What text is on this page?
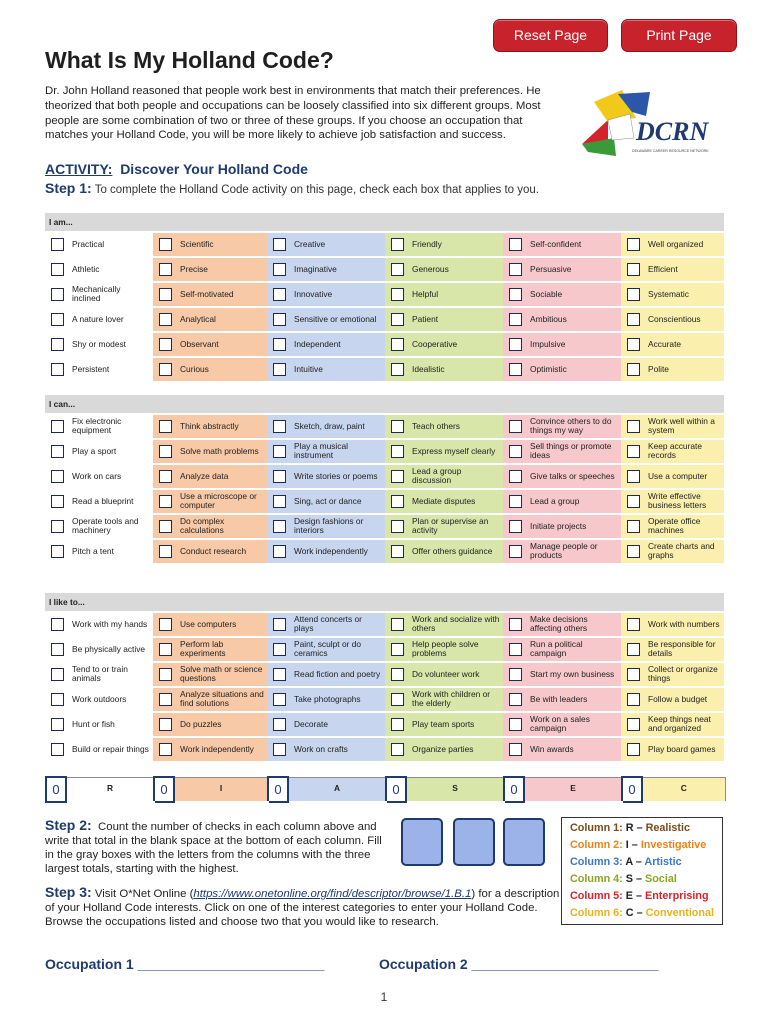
Reset Page	Print Page
What Is My Holland Code?

Dr. John Holland reasoned that people work best in environments that match their preferences. He theorized that both people and occupations can be loosely classified into six different groups. Most people are some combination of two or three of these groups. If you choose an occupation that matches your Holland Code, you will be more likely to achieve job satisfaction and success.	DCRN
DELAWARE CAREER RESOURCE NETWORK
ACTIVITY: Discover Your Holland Code
Step 1: To complete the Holland Code activity on this page, check each box that applies to you.
I am...											
	Practical		Scientific		Creative		Friendly		Self-confident		Well organized
	Athletic		Precise		Imaginative		Generous		Persuasive		Efficient
	Mechanically inclined		Self-motivated		Innovative		Helpful		Sociable		Systematic
	A nature lover		Analytical		Sensitive or emotional		Patient		Ambitious		Conscientious
	Shy or modest		Observant		Independent		Cooperative		Impulsive		Accurate
	Persistent		Curious		Intuitive		Idealistic		Optimistic		Polite
I can...											
	Fix electronic equipment		Think abstractly		Sketch, draw, paint		Teach others		Convince others to do things my way		Work well within a system
	Play a sport		Solve math problems		Play a musical instrument		Express myself clearly		Sell things or promote ideas		Keep accurate records
	Work on cars		Analyze data		Write stories or poems		Lead a group discussion		Give talks or speeches		Use a computer
	Read a blueprint		Use a microscope or computer		Sing, act or dance		Mediate disputes		Lead a group		Write effective business letters
	Operate tools and machinery		Do complex calculations		Design fashions or interiors		Plan or supervise an activity		Initiate projects		Operate office machines
	Pitch a tent		Conduct research		Work independently		Offer others guidance		Manage people or products		Create charts and graphs
I like to...											
	Work with my hands		Use computers		Attend concerts or plays		Work and socialize with others		Make decisions affecting others		Work with numbers
	Be physically active		Perform lab experiments		Paint, sculpt or do ceramics		Help people solve problems		Run a political campaign		Be responsible for details
	Tend to or train animals		Solve math or science questions		Read fiction and poetry		Do volunteer work		Start my own business		Collect or organize things
	Work outdoors		Analyze situations and find solutions		Take photographs		Work with children or the elderly		Be with leaders		Follow a budget
	Hunt or fish		Do puzzles		Decorate		Play team sports		Work on a sales campaign		Keep things neat and organized
	Build or repair things		Work independently		Work on crafts		Organize parties		Win awards		Play board games
0	R	0	I	0	A	0	S	0	E	0	C
Step 2: Count the number of checks in each column above and write that total in the blank space at the bottom of each column. Fill in the gray boxes with the letters from the columns with the three largest totals, starting with the highest.
Column 1: R – Realistic
Column 2: I – Investigative
Column 3: A – Artistic
Column 4: S – Social
Column 5: E – Enterprising
Column 6: C – Conventional
Step 3: Visit O*Net Online (https://www.onetonline.org/find/descriptor/browse/1.B.1) for a description of your Holland Code interests. Click on one of the interest categories to enter your Holland Code. Browse the occupations listed and choose two that you would like to research.
Occupation 1 ________________________	Occupation 2 ________________________
1
